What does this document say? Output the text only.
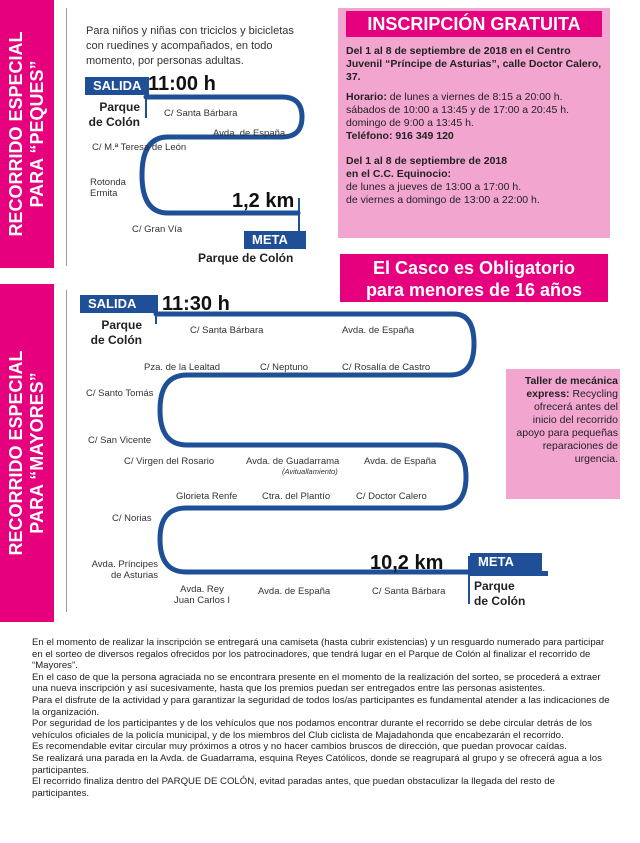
RECORRIDO ESPECIAL
PARA “PEQUES”
Para niños y niñas con triciclos y bicicletas con ruedines y acompañados, en todo momento, por personas adultas.
SALIDA 11:00 h
Parque
de Colón
C/ Santa Bárbara
Avda. de España
C/ M.ª Teresa de León
Rotonda
Ermita
C/ Gran Vía
1,2 km
META
Parque de Colón
INSCRIPCIÓN GRATUITA

Del 1 al 8 de septiembre de 2018 en el Centro Juvenil “Príncipe de Asturias”, calle Doctor Calero, 37.

Horario: de lunes a viernes de 8:15 a 20:00 h.

sábados de 10:00 a 13:45 y de 17:00 a 20:45 h.

domingo de 9:00 a 13:45 h.

Teléfono: 916 349 120

Del 1 al 8 de septiembre de 2018
en el C.C. Equinocio:

de lunes a jueves de 13:00 a 17:00 h.

de viernes a domingo de 13:00 a 22:00 h.

El Casco es Obligatorio
para menores de 16 años
RECORRIDO ESPECIAL
PARA “MAYORES”
SALIDA	11:30 h
Parque
de Colón
C/ Santa Bárbara	Avda. de España
Pza. de la Lealtad	C/ Neptuno	C/ Rosalía de Castro
C/ Santo Tomás
C/ San Vicente
C/ Virgen del Rosario	Avda. de Guadarrama
(Avituallamiento)
Avda. de España
Glorieta Renfe	Ctra. del Plantío	C/ Doctor Calero
C/ Norias
Avda. Príncipes
de Asturias
Avda. Rey
Juan Carlos I
Avda. de España	C/ Santa Bárbara
10,2 km	META
Parque
de Colón
Taller de mecánica express: Recycling ofrecerá antes del inicio del recorrido apoyo para pequeñas reparaciones de urgencia.

En el momento de realizar la inscripción se entregará una camiseta (hasta cubrir existencias) y un resguardo numerado para participar en el sorteo de diversos regalos ofrecidos por los patrocinadores, que tendrá lugar en el Parque de Colón al finalizar el recorrido de “Mayores”.

En el caso de que la persona agraciada no se encontrara presente en el momento de la realización del sorteo, se procederá a extraer una nueva inscripción y así sucesivamente, hasta que los premios puedan ser entregados entre las personas asistentes.

Para el disfrute de la actividad y para garantizar la seguridad de todos los/as participantes es fundamental atender a las indicaciones de la organización.

Por seguridad de los participantes y de los vehículos que nos podamos encontrar durante el recorrido se debe circular detrás de los vehículos oficiales de la policía municipal, y de los miembros del Club ciclista de Majadahonda que encabezarán el recorrido.

Es recomendable evitar circular muy próximos a otros y no hacer cambios bruscos de dirección, que puedan provocar caídas.

Se realizará una parada en la Avda. de Guadarrama, esquina Reyes Católicos, donde se reagrupará al grupo y se ofrecerá agua a los participantes.

El recorrido finaliza dentro del PARQUE DE COLÓN, evitad paradas antes, que puedan obstaculizar la llegada del resto de participantes.
